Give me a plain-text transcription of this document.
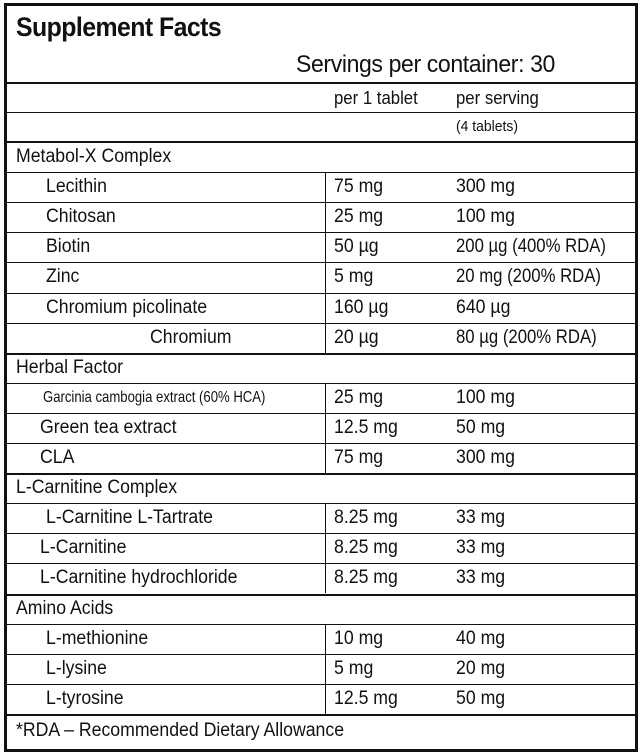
Supplement Facts
Servings per container: 30
per 1 tablet per serving
(4 tablets)
Metabol-X Complex
Lecithin	75 mg	300 mg
Chitosan	25 mg	100 mg
Biotin	50 µg	200 µg (400% RDA)
Zinc	5 mg	20 mg (200% RDA)
Chromium picolinate	160 µg	640 µg
Chromium	20 µg	80 µg (200% RDA)
Herbal Factor
Garcinia cambogia extract (60% HCA)	25 mg	100 mg
Green tea extract	12.5 mg	50 mg
CLA	75 mg	300 mg
L-Carnitine Complex
L-Carnitine L-Tartrate	8.25 mg	33 mg
L-Carnitine	8.25 mg	33 mg
L-Carnitine hydrochloride	8.25 mg	33 mg
Amino Acids
L-methionine	10 mg	40 mg
L-lysine	5 mg	20 mg
L-tyrosine	12.5 mg	50 mg
*RDA – Recommended Dietary Allowance
